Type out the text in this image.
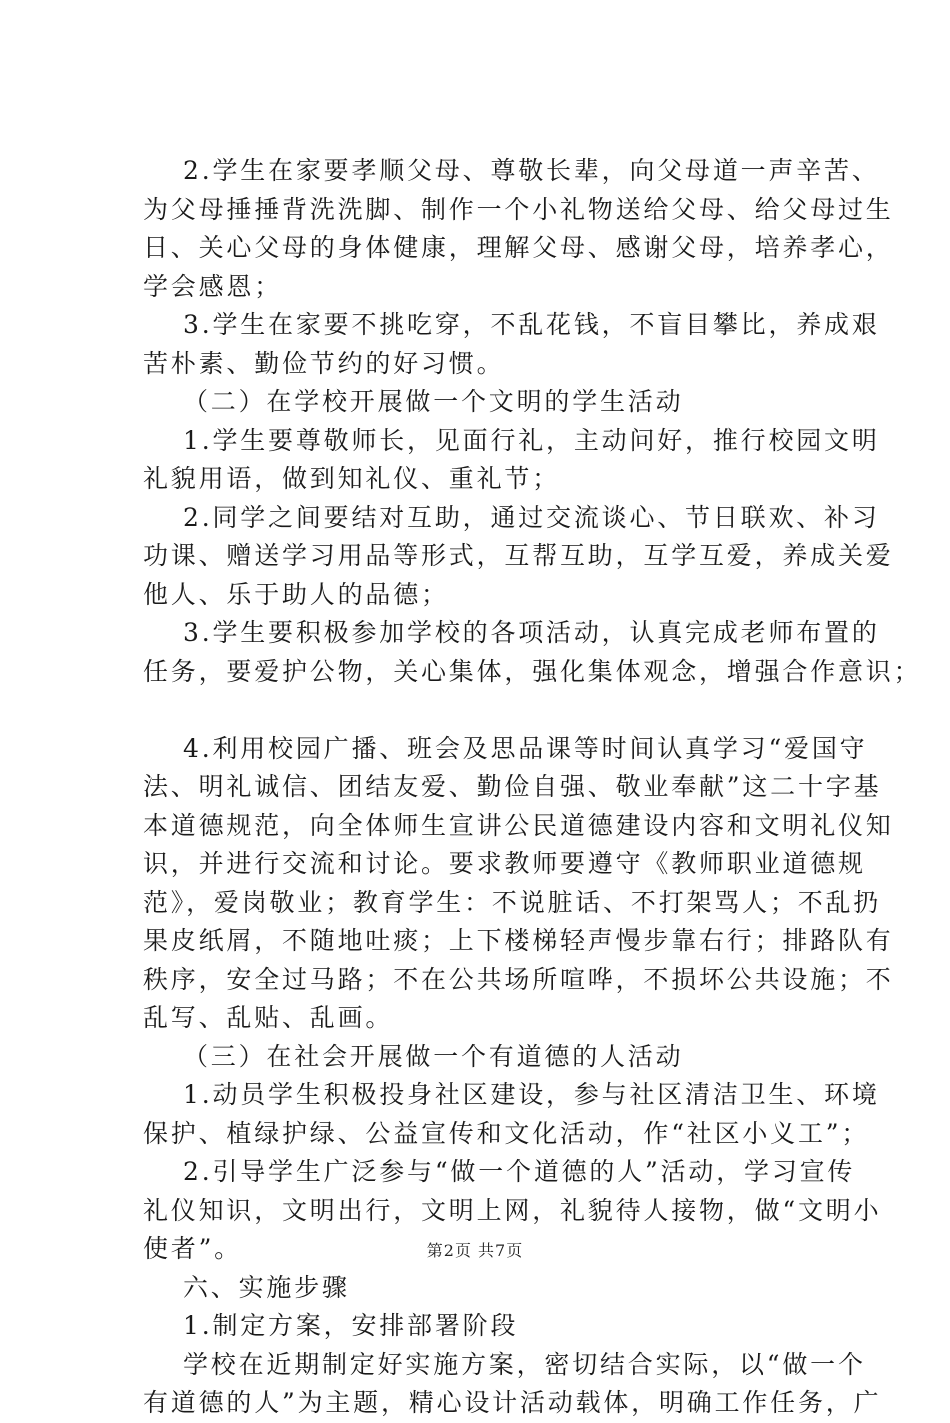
2.学生在家要孝顺父母、尊敬长辈，向父母道一声辛苦、
为父母捶捶背洗洗脚、制作一个小礼物送给父母、给父母过生
日、关心父母的身体健康，理解父母、感谢父母，培养孝心，
学会感恩；
3.学生在家要不挑吃穿，不乱花钱，不盲目攀比，养成艰
苦朴素、勤俭节约的好习惯。
（二）在学校开展做一个文明的学生活动
1.学生要尊敬师长，见面行礼，主动问好，推行校园文明
礼貌用语，做到知礼仪、重礼节；
2.同学之间要结对互助，通过交流谈心、节日联欢、补习
功课、赠送学习用品等形式，互帮互助，互学互爱，养成关爱
他人、乐于助人的品德；
3.学生要积极参加学校的各项活动，认真完成老师布置的
任务，要爱护公物，关心集体，强化集体观念，增强合作意识；
4.利用校园广播、班会及思品课等时间认真学习“爱国守
法、明礼诚信、团结友爱、勤俭自强、敬业奉献”这二十字基
本道德规范，向全体师生宣讲公民道德建设内容和文明礼仪知
识，并进行交流和讨论。要求教师要遵守《教师职业道德规
范》，爱岗敬业；教育学生：不说脏话、不打架骂人；不乱扔
果皮纸屑，不随地吐痰；上下楼梯轻声慢步靠右行；排路队有
秩序，安全过马路；不在公共场所喧哗，不损坏公共设施；不
乱写、乱贴、乱画。
（三）在社会开展做一个有道德的人活动
1.动员学生积极投身社区建设，参与社区清洁卫生、环境
保护、植绿护绿、公益宣传和文化活动，作“社区小义工”；
2.引导学生广泛参与“做一个道德的人”活动，学习宣传
礼仪知识，文明出行，文明上网，礼貌待人接物，做“文明小
使者”。
六、实施步骤
1.制定方案，安排部署阶段
学校在近期制定好实施方案，密切结合实际，以“做一个
有道德的人”为主题，精心设计活动载体，明确工作任务，广
第2页 共7页
